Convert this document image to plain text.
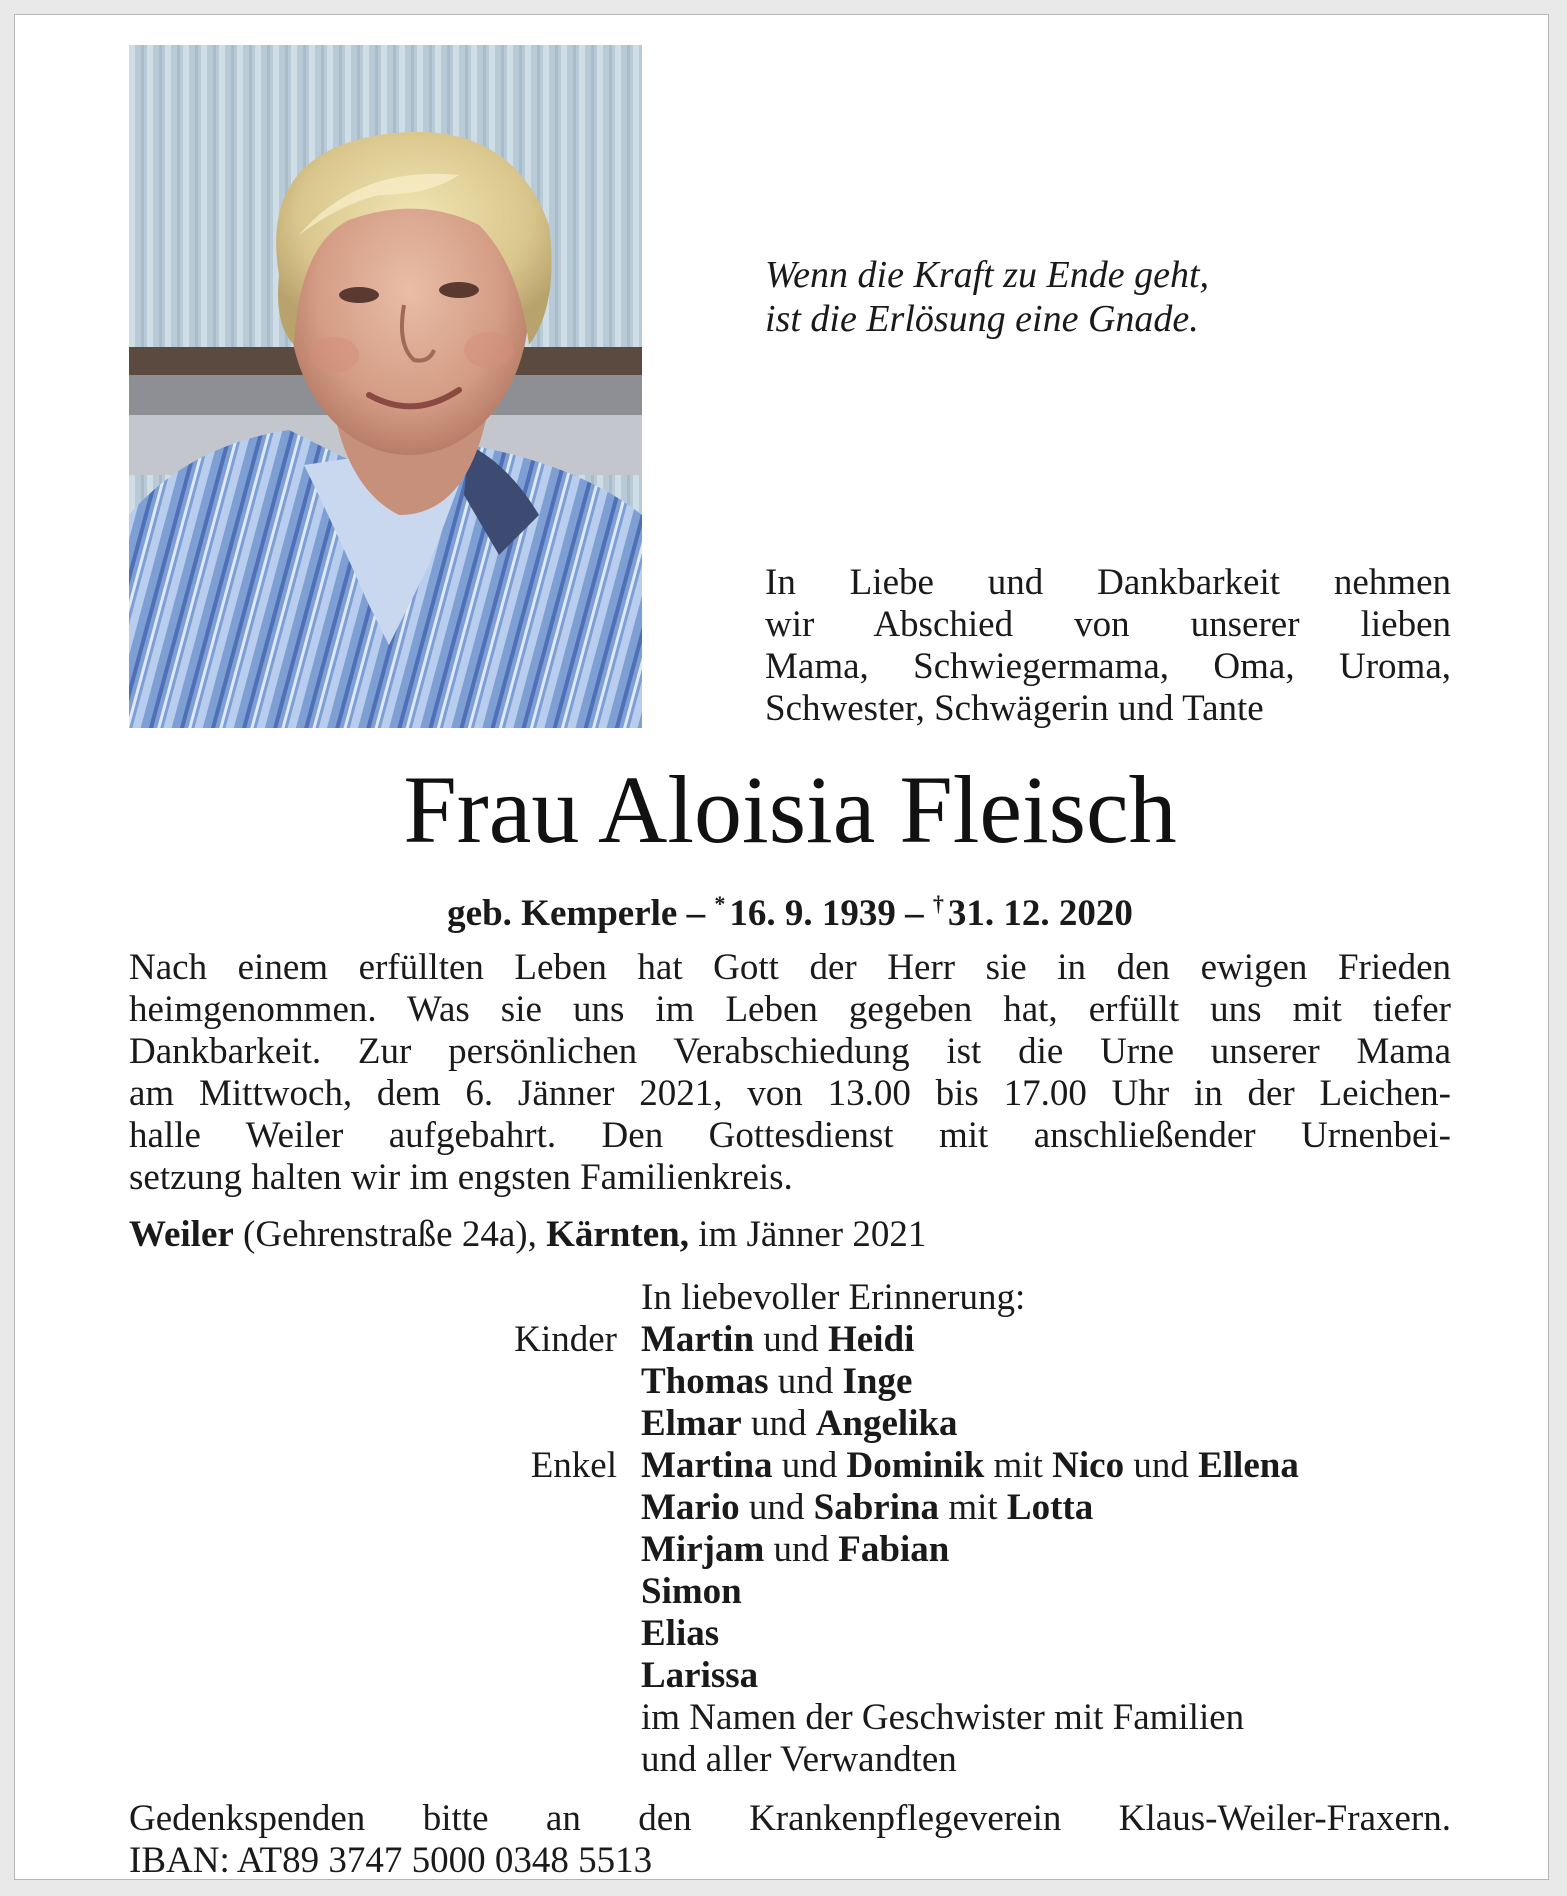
Wenn die Kraft zu Ende geht,
ist die Erlösung eine Gnade.
In Liebe und Dankbarkeit nehmen
wir Abschied von unserer lieben
Mama, Schwiegermama, Oma, Uroma,
Schwester, Schwägerin und Tante
Frau Aloisia Fleisch
geb. Kemperle – * 16. 9. 1939 – † 31. 12. 2020
Nach einem erfüllten Leben hat Gott der Herr sie in den ewigen Frieden
heimgenommen. Was sie uns im Leben gegeben hat, erfüllt uns mit tiefer
Dankbarkeit. Zur persönlichen Verabschiedung ist die Urne unserer Mama
am Mittwoch, dem 6. Jänner 2021, von 13.00 bis 17.00 Uhr in der Leichen-
halle Weiler aufgebahrt. Den Gottesdienst mit anschließender Urnenbei-
setzung halten wir im engsten Familienkreis.
Weiler (Gehrenstraße 24a), Kärnten, im Jänner 2021
In liebevoller Erinnerung:
Kinder Martin und Heidi
Thomas und Inge
Elmar und Angelika
Enkel Martina und Dominik mit Nico und Ellena
Mario und Sabrina mit Lotta
Mirjam und Fabian
Simon
Elias
Larissa
im Namen der Geschwister mit Familien
und aller Verwandten
Gedenkspenden bitte an den Krankenpflegeverein Klaus-Weiler-Fraxern.
IBAN: AT89 3747 5000 0348 5513
